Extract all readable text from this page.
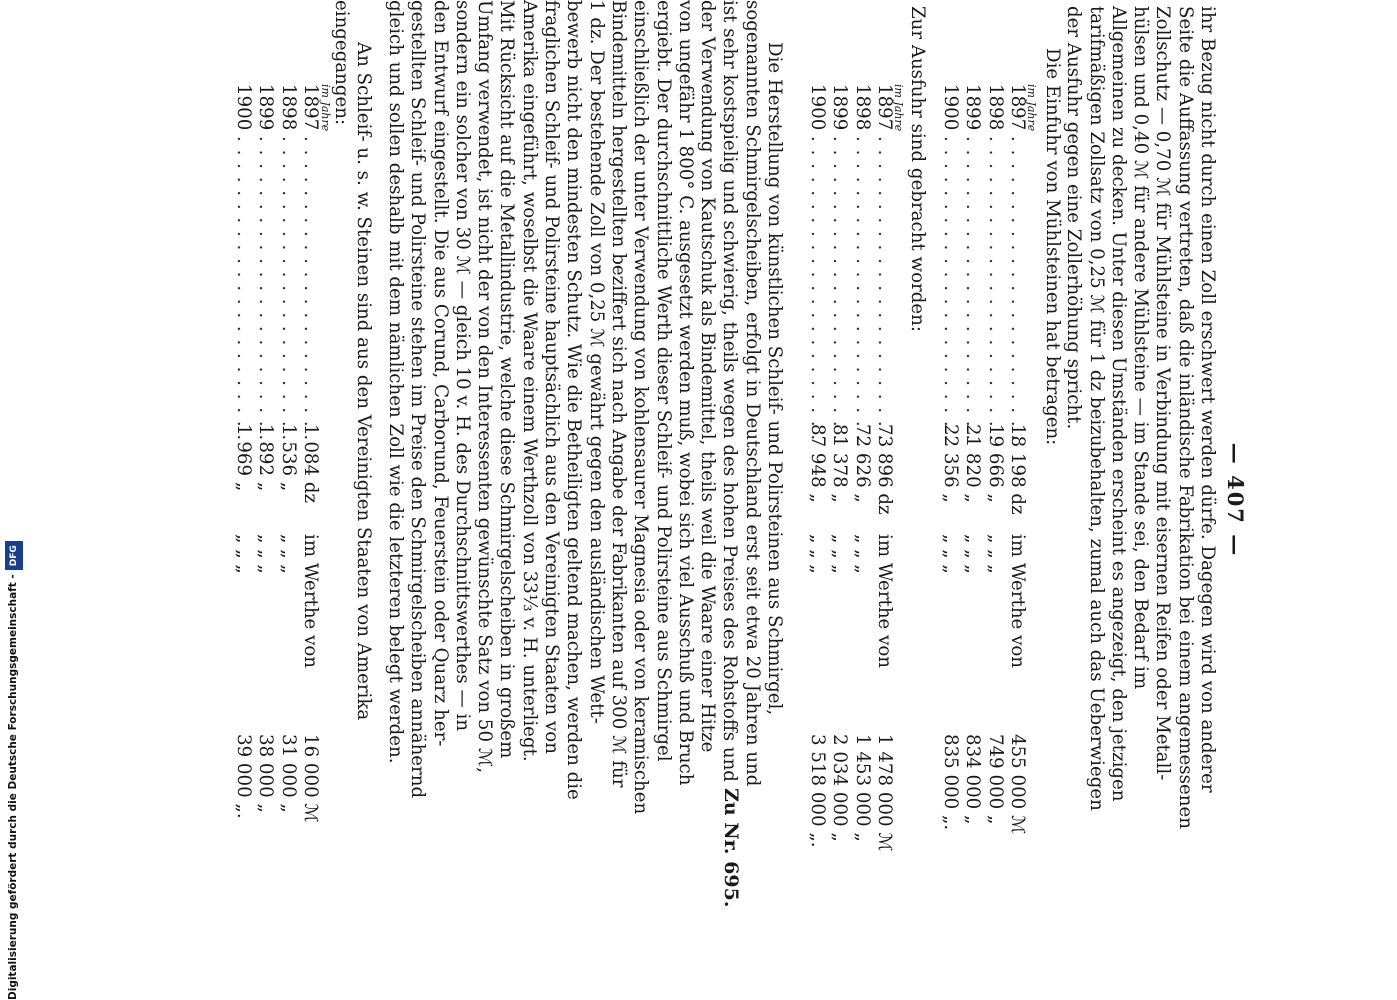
— 407 —
ihr Bezug nicht durch einen Zoll erschwert werden dürfe. Dagegen wird von anderer
Seite die Auffassung vertreten, daß die inländische Fabrikation bei einem angemessenen
Zollschutz — 0,70 ℳ für Mühlsteine in Verbindung mit eisernen Reifen oder Metall-
hülsen und 0,40 ℳ für andere Mühlsteine — im Stande sei, den Bedarf im
Allgemeinen zu decken. Unter diesen Umständen erscheint es angezeigt, den jetzigen
tarifmäßigen Zollsatz von 0,25 ℳ für 1 dz beizubehalten, zumal auch das Ueberwiegen
der Ausfuhr gegen eine Zollerhöhung spricht.
Die Einfuhr von Mühlsteinen hat betragen:
im Jahre
1897
. . . . . . . . . . . . . . . . . . . . . . .
18 198 dz
im Werthe von
455 000 ℳ
1898
. . . . . . . . . . . . . . . . . . . . . . .
19 666 „
„ „ „
749 000 „
1899
. . . . . . . . . . . . . . . . . . . . . . .
21 820 „
„ „ „
834 000 „
1900
. . . . . . . . . . . . . . . . . . . . . . .
22 356 „
„ „ „
835 000 „.
Zur Ausfuhr sind gebracht worden:
im Jahre
1897
. . . . . . . . . . . . . . . . . . . . . . .
73 896 dz
im Werthe von
1 478 000 ℳ
1898
. . . . . . . . . . . . . . . . . . . . . . .
72 626 „
„ „ „
1 453 000 „
1899
. . . . . . . . . . . . . . . . . . . . . . .
81 378 „
„ „ „
2 034 000 „
1900
. . . . . . . . . . . . . . . . . . . . . . .
87 948 „
„ „ „
3 518 000 „.
Zu Nr. 695.
Die Herstellung von künstlichen Schleif- und Polirsteinen aus Schmirgel,
sogenannten Schmirgelscheiben, erfolgt in Deutschland erst seit etwa 20 Jahren und
ist sehr kostspielig und schwierig, theils wegen des hohen Preises des Rohstoffs und
der Verwendung von Kautschuk als Bindemittel, theils weil die Waare einer Hitze
von ungefähr 1 800° C. ausgesetzt werden muß, wobei sich viel Ausschuß und Bruch
ergiebt. Der durchschnittliche Werth dieser Schleif- und Polirsteine aus Schmirgel
einschließlich der unter Verwendung von kohlensaurer Magnesia oder von keramischen
Bindemitteln hergestellten beziffert sich nach Angabe der Fabrikanten auf 300 ℳ für
1 dz. Der bestehende Zoll von 0,25 ℳ gewährt gegen den ausländischen Wett-
bewerb nicht den mindesten Schutz. Wie die Betheiligten geltend machen, werden die
fraglichen Schleif- und Polirsteine hauptsächlich aus den Vereinigten Staaten von
Amerika eingeführt, woselbst die Waare einem Werthzoll von 33⅓ v. H. unterliegt.
Mit Rücksicht auf die Metallindustrie, welche diese Schmirgelscheiben in großem
Umfang verwendet, ist nicht der von den Interessenten gewünschte Satz von 50 ℳ,
sondern ein solcher von 30 ℳ — gleich 10 v. H. des Durchschnittswerthes — in
den Entwurf eingestellt. Die aus Corund, Carborund, Feuerstein oder Quarz her-
gestellten Schleif- und Polirsteine stehen im Preise den Schmirgelscheiben annähernd
gleich und sollen deshalb mit dem nämlichen Zoll wie die letzteren belegt werden.
An Schleif- u. s. w. Steinen sind aus den Vereinigten Staaten von Amerika
eingegangen:
im Jahre
1897
. . . . . . . . . . . . . . . . . . . . . . .
1 084 dz
im Werthe von
16 000 ℳ
1898
. . . . . . . . . . . . . . . . . . . . . . .
1 536 „
„ „ „
31 000 „
1899
. . . . . . . . . . . . . . . . . . . . . . .
1 892 „
„ „ „
38 000 „
1900
. . . . . . . . . . . . . . . . . . . . . . .
1 969 „
„ „ „
39 000 „.
Digitalisierung gefördert durch die Deutsche Forschungsgemeinschaft -DFG
